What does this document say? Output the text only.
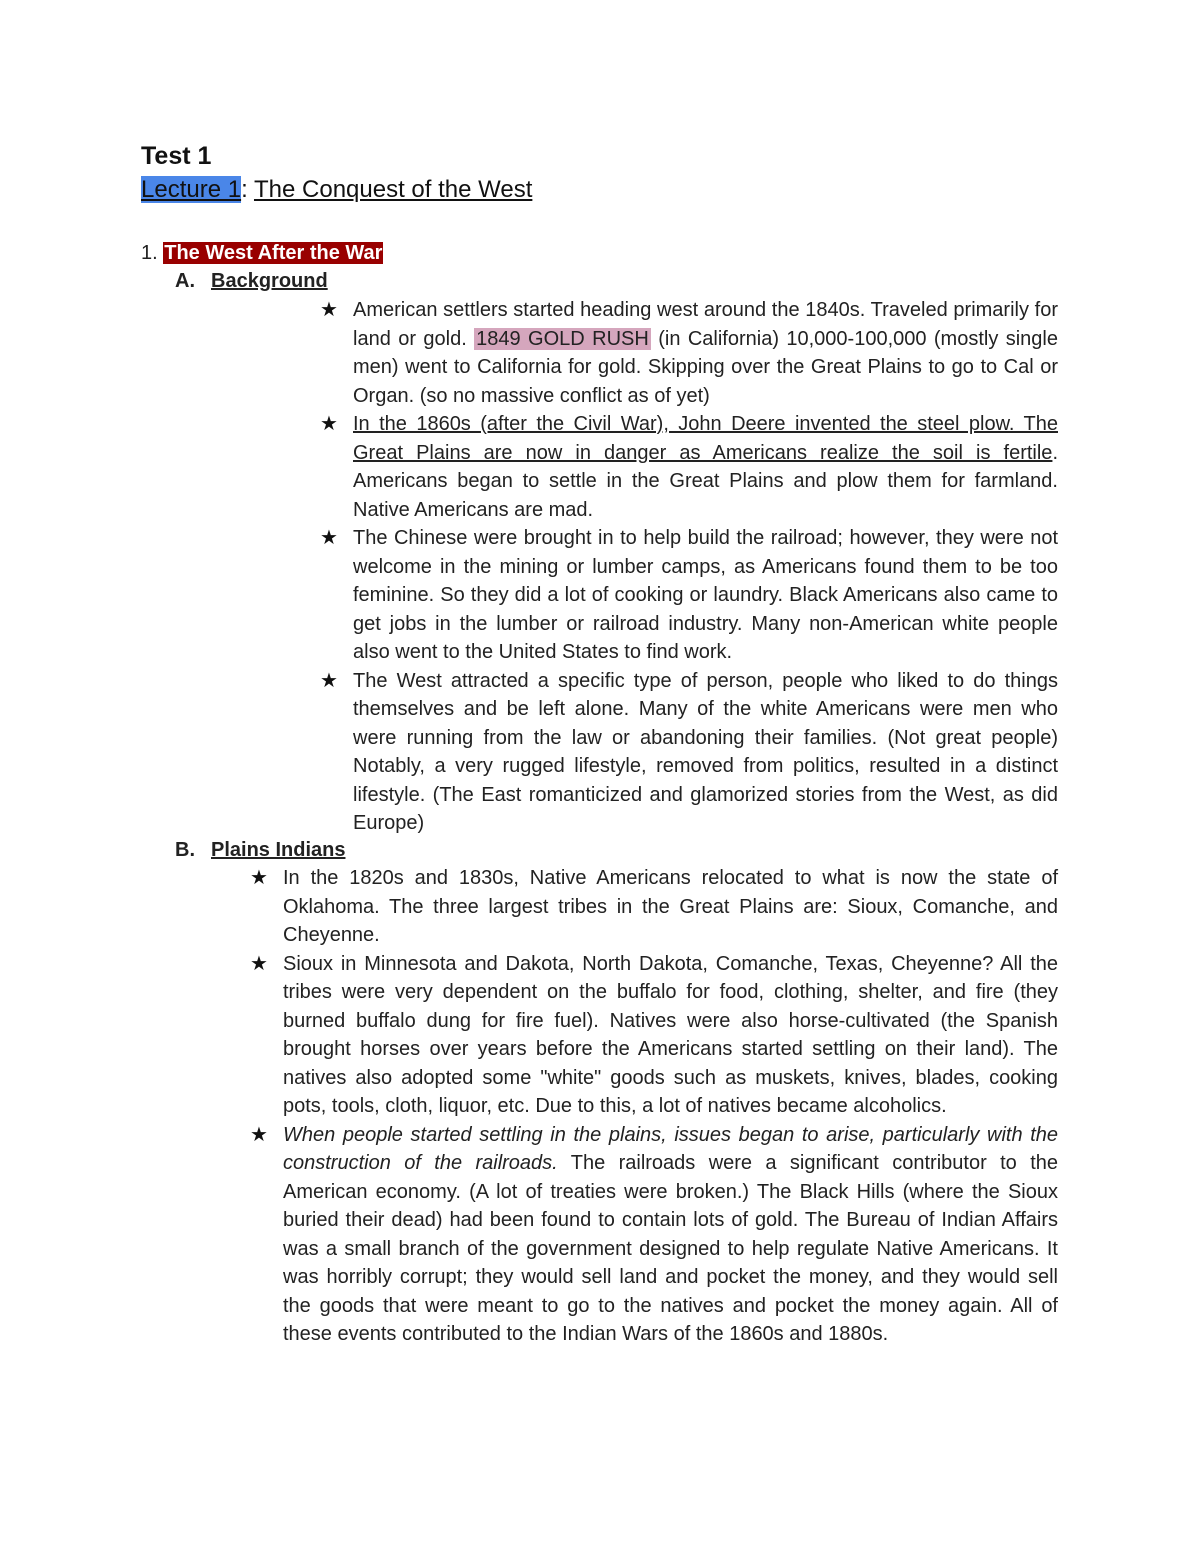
Test 1
Lecture 1: The Conquest of the West
1. The West After the War
A. Background
★ American settlers started heading west around the 1840s. Traveled primarily for land or gold. 1849 GOLD RUSH (in California) 10,000-100,000 (mostly single men) went to California for gold. Skipping over the Great Plains to go to Cal or Organ. (so no massive conflict as of yet)
★ In the 1860s (after the Civil War), John Deere invented the steel plow. The Great Plains are now in danger as Americans realize the soil is fertile. Americans began to settle in the Great Plains and plow them for farmland. Native Americans are mad.
★ The Chinese were brought in to help build the railroad; however, they were not welcome in the mining or lumber camps, as Americans found them to be too feminine. So they did a lot of cooking or laundry. Black Americans also came to get jobs in the lumber or railroad industry. Many non-American white people also went to the United States to find work.
★ The West attracted a specific type of person, people who liked to do things themselves and be left alone. Many of the white Americans were men who were running from the law or abandoning their families. (Not great people) Notably, a very rugged lifestyle, removed from politics, resulted in a distinct lifestyle. (The East romanticized and glamorized stories from the West, as did Europe)
B. Plains Indians
★ In the 1820s and 1830s, Native Americans relocated to what is now the state of Oklahoma. The three largest tribes in the Great Plains are: Sioux, Comanche, and Cheyenne.
★ Sioux in Minnesota and Dakota, North Dakota, Comanche, Texas, Cheyenne? All the tribes were very dependent on the buffalo for food, clothing, shelter, and fire (they burned buffalo dung for fire fuel). Natives were also horse-cultivated (the Spanish brought horses over years before the Americans started settling on their land). The natives also adopted some "white" goods such as muskets, knives, blades, cooking pots, tools, cloth, liquor, etc. Due to this, a lot of natives became alcoholics.
★ When people started settling in the plains, issues began to arise, particularly with the construction of the railroads. The railroads were a significant contributor to the American economy. (A lot of treaties were broken.) The Black Hills (where the Sioux buried their dead) had been found to contain lots of gold. The Bureau of Indian Affairs was a small branch of the government designed to help regulate Native Americans. It was horribly corrupt; they would sell land and pocket the money, and they would sell the goods that were meant to go to the natives and pocket the money again. All of these events contributed to the Indian Wars of the 1860s and 1880s.
